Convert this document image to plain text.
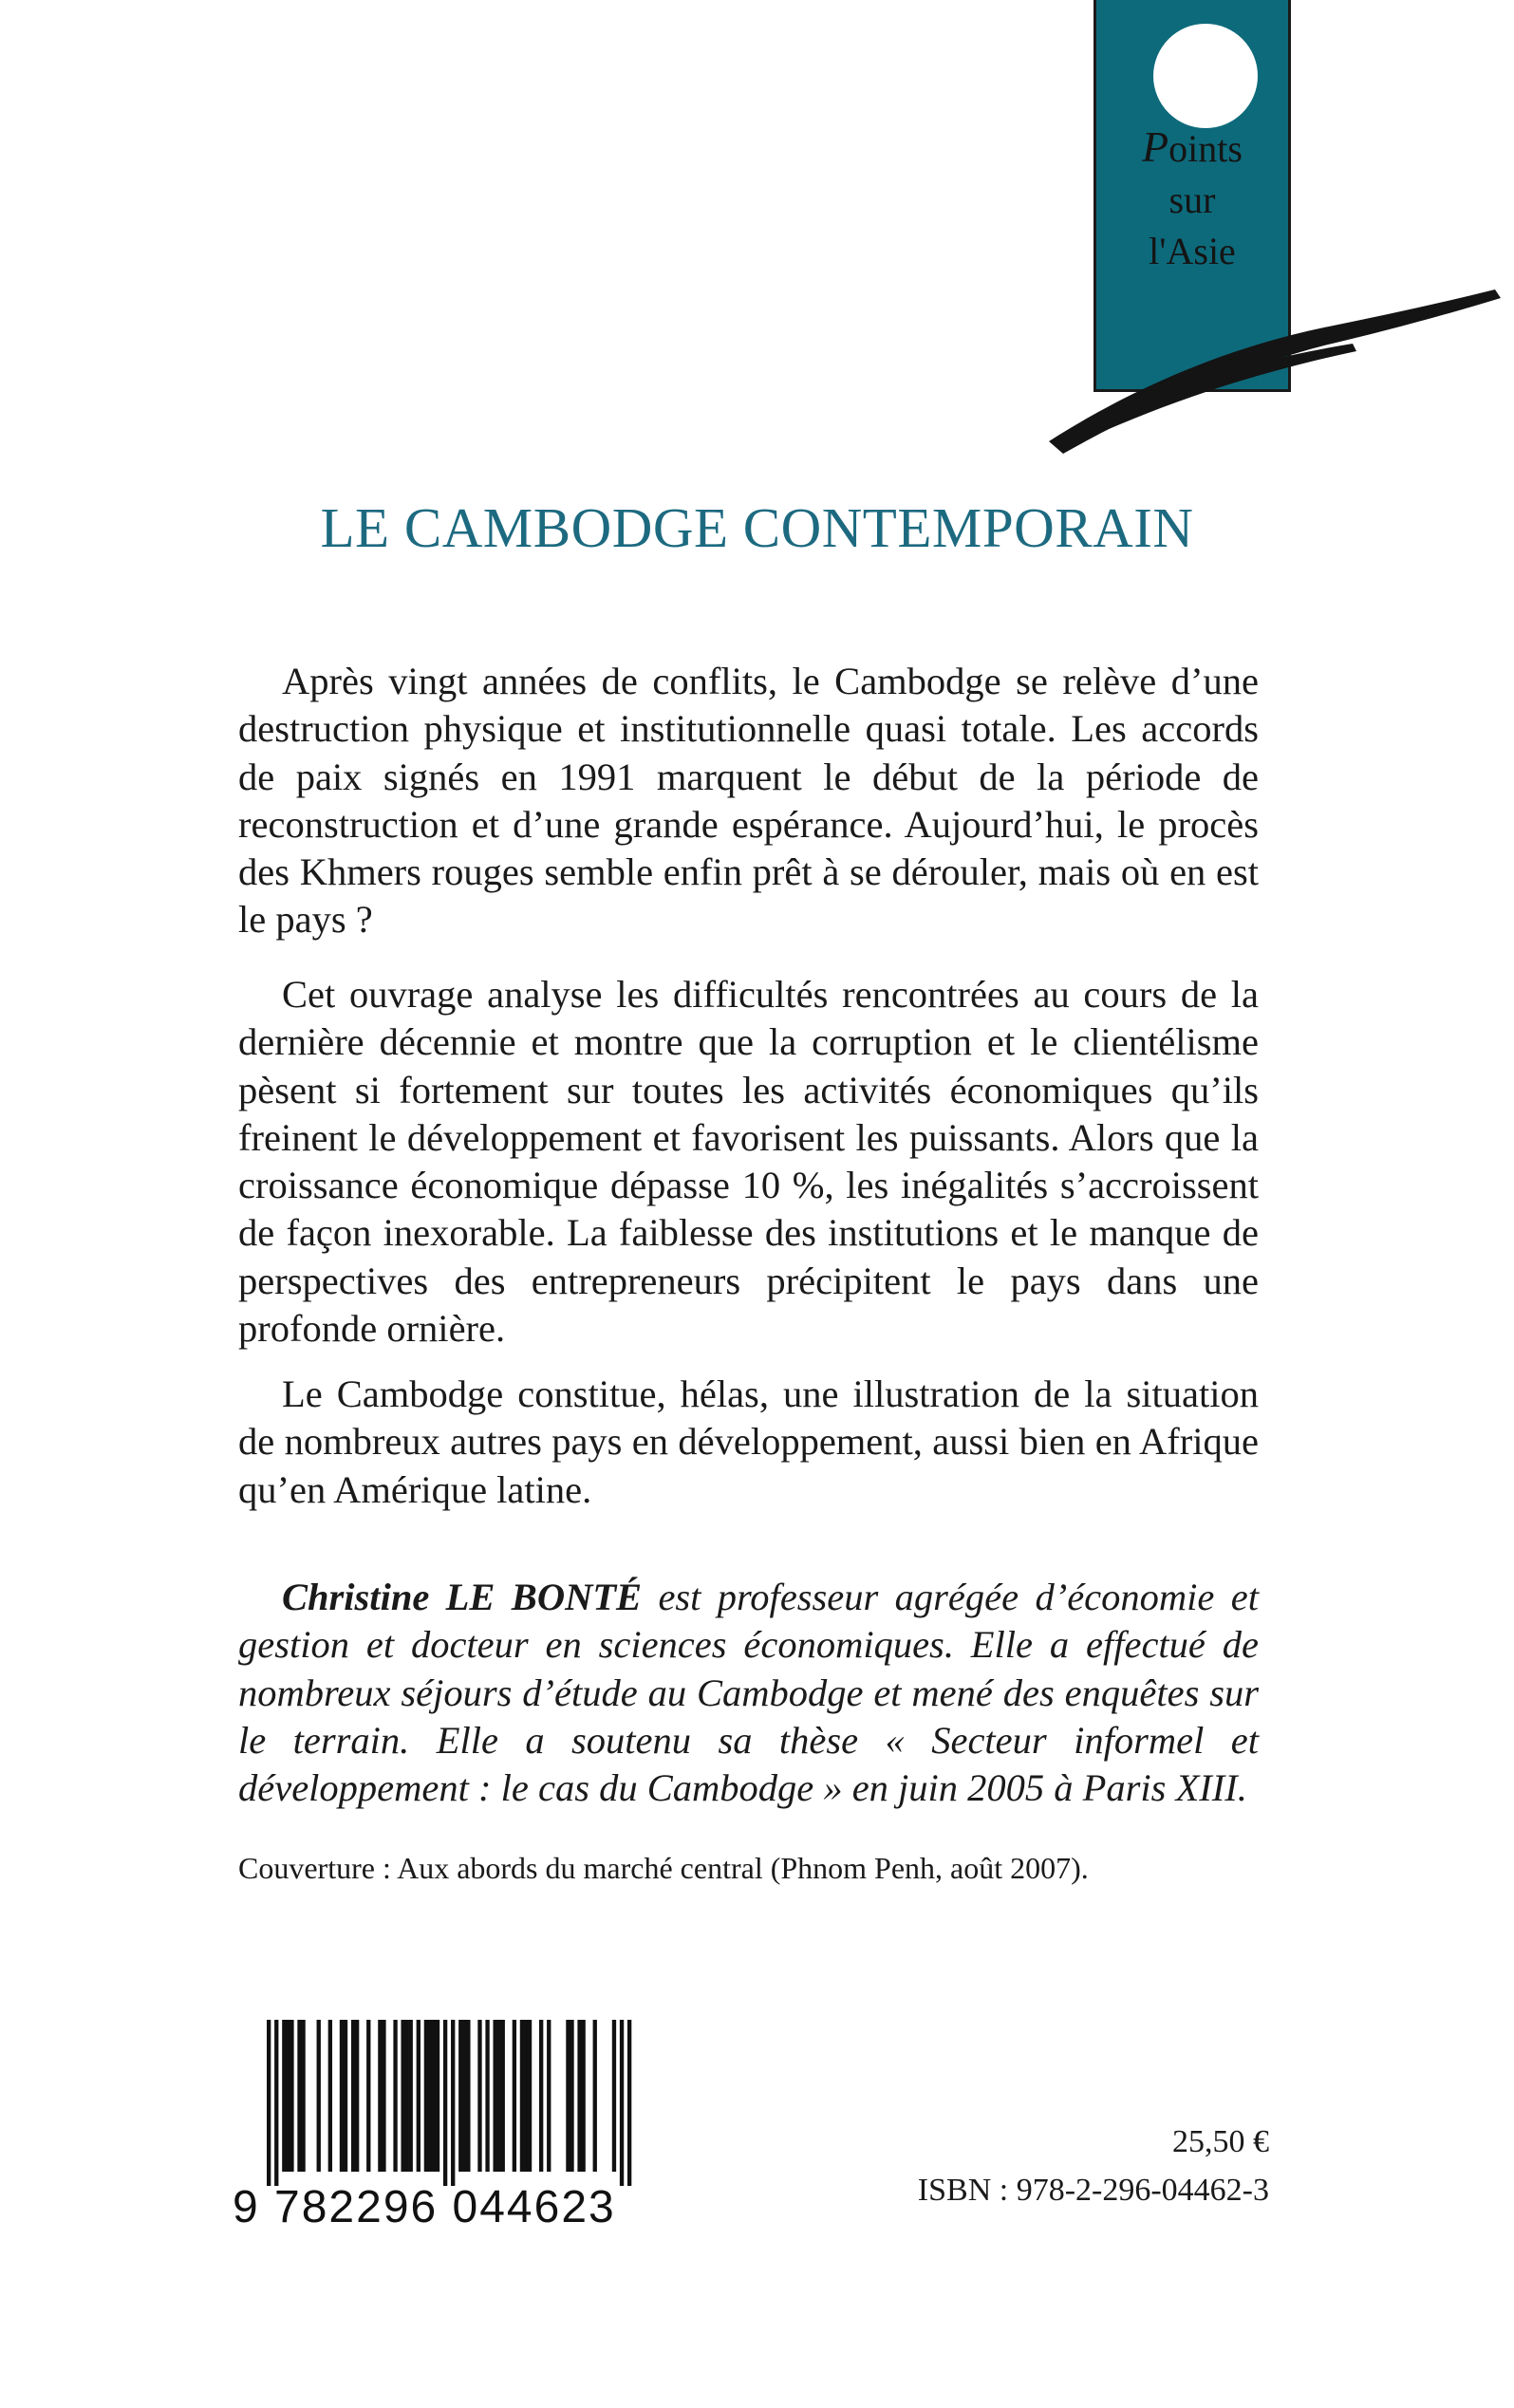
Points
sur
l'Asie
LE CAMBODGE CONTEMPORAIN

Après vingt années de conflits, le Cambodge se relève d’une destruction physique et institutionnelle quasi totale. Les accords de paix signés en 1991 marquent le début de la période de reconstruction et d’une grande espérance. Aujourd’hui, le procès des Khmers rouges semble enfin prêt à se dérouler, mais où en est le pays ?

Cet ouvrage analyse les difficultés rencontrées au cours de la dernière décennie et montre que la corruption et le clientélisme pèsent si fortement sur toutes les activités économiques qu’ils freinent le développement et favorisent les puissants. Alors que la croissance économique dépasse 10 %, les inégalités s’accroissent de façon inexorable. La faiblesse des institutions et le manque de perspectives des entrepreneurs précipitent le pays dans une profonde ornière.

Le Cambodge constitue, hélas, une illustration de la situation de nombreux autres pays en développement, aussi bien en Afrique qu’en Amérique latine.

Christine LE BONTÉ est professeur agrégée d’économie et gestion et docteur en sciences économiques. Elle a effectué de nombreux séjours d’étude au Cambodge et mené des enquêtes sur le terrain. Elle a soutenu sa thèse « Secteur informel et développement : le cas du Cambodge » en juin 2005 à Paris XIII.

Couverture : Aux abords du marché central (Phnom Penh, août 2007).
9 782296 044623
25,50 €
ISBN : 978-2-296-04462-3
